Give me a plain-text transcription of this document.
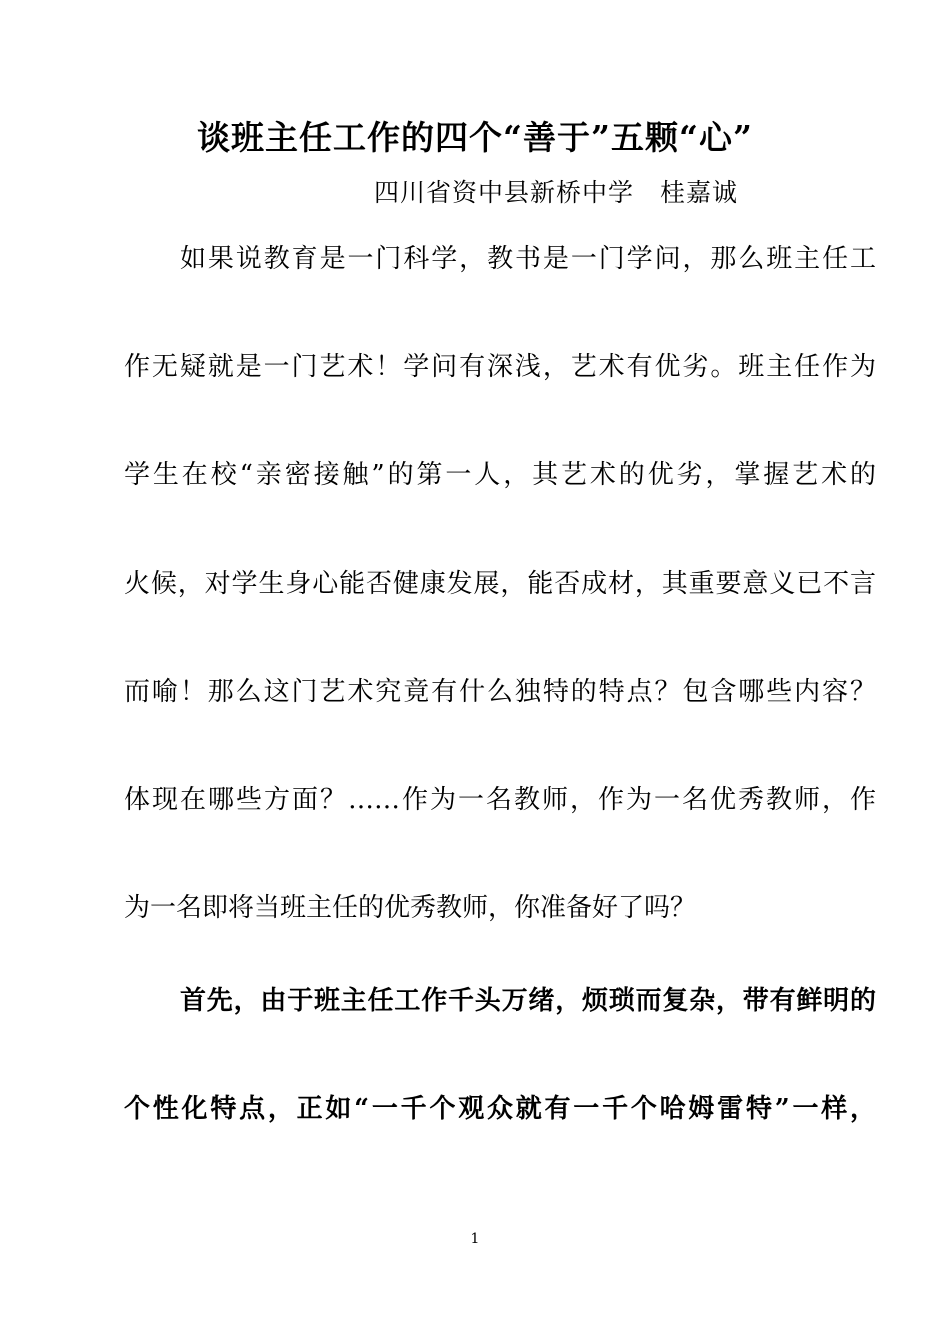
谈班主任工作的四个“善于”五颗“心”
四川省资中县新桥中学　桂嘉诚
如果说教育是一门科学，教书是一门学问，那么班主任工
作无疑就是一门艺术！学问有深浅，艺术有优劣。班主任作为
学生在校“亲密接触”的第一人，其艺术的优劣，掌握艺术的
火候，对学生身心能否健康发展，能否成材，其重要意义已不言
而喻！那么这门艺术究竟有什么独特的特点？包含哪些内容？
体现在哪些方面？……作为一名教师，作为一名优秀教师，作
为一名即将当班主任的优秀教师，你准备好了吗？
首先，由于班主任工作千头万绪，烦琐而复杂，带有鲜明的
个性化特点，正如“一千个观众就有一千个哈姆雷特”一样，
1
